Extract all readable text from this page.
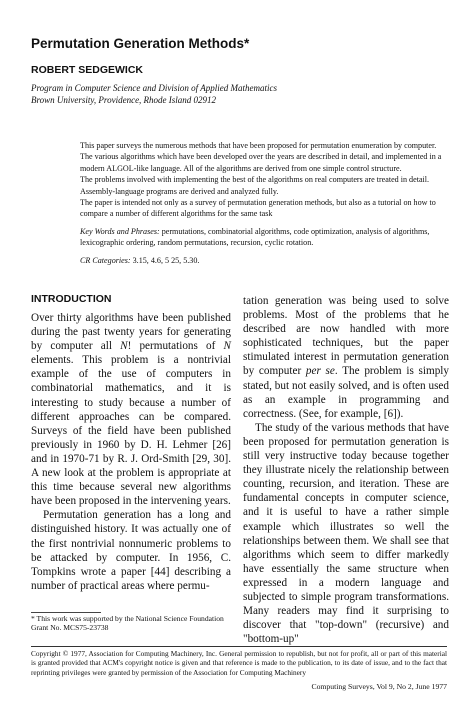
Permutation Generation Methods*
ROBERT SEDGEWICK
Program in Computer Science and Division of Applied Mathematics
Brown University, Providence, Rhode Island 02912

This paper surveys the numerous methods that have been proposed for permutation enumeration by computer. The various algorithms which have been developed over the years are described in detail, and implemented in a modern ALGOL-like language. All of the algorithms are derived from one simple control structure.

The problems involved with implementing the best of the algorithms on real computers are treated in detail. Assembly-language programs are derived and analyzed fully.

The paper is intended not only as a survey of permutation generation methods, but also as a tutorial on how to compare a number of different algorithms for the same task

Key Words and Phrases: permutations, combinatorial algorithms, code optimization, analysis of algorithms, lexicographic ordering, random permutations, recursion, cyclic rotation.

CR Categories: 3.15, 4.6, 5 25, 5.30.

INTRODUCTION

Over thirty algorithms have been published during the past twenty years for generating by computer all N! permutations of N elements. This problem is a nontrivial example of the use of computers in combinatorial mathematics, and it is interesting to study because a number of different approaches can be compared. Surveys of the field have been published previously in 1960 by D. H. Lehmer [26] and in 1970-71 by R. J. Ord-Smith [29, 30]. A new look at the problem is appropriate at this time because several new algorithms have been proposed in the intervening years.

Permutation generation has a long and distinguished history. It was actually one of the first nontrivial nonnumeric problems to be attacked by computer. In 1956, C. Tompkins wrote a paper [44] describing a number of practical areas where permu-

tation generation was being used to solve problems. Most of the problems that he described are now handled with more sophisticated techniques, but the paper stimulated interest in permutation generation by computer per se. The problem is simply stated, but not easily solved, and is often used as an example in programming and correctness. (See, for example, [6]).

The study of the various methods that have been proposed for permutation generation is still very instructive today because together they illustrate nicely the relationship between counting, recursion, and iteration. These are fundamental concepts in computer science, and it is useful to have a rather simple example which illustrates so well the relationships between them. We shall see that algorithms which seem to differ markedly have essentially the same structure when expressed in a modern language and subjected to simple program transformations. Many readers may find it surprising to discover that "top-down" (recursive) and "bottom-up"

* This work was supported by the National Science Foundation Grant No. MCS75-23738
Copyright © 1977, Association for Computing Machinery, Inc. General permission to republish, but not for profit, all or part of this material is granted provided that ACM's copyright notice is given and that reference is made to the publication, to its date of issue, and to the fact that reprinting privileges were granted by permission of the Association for Computing Machinery
Computing Surveys, Vol 9, No 2, June 1977
